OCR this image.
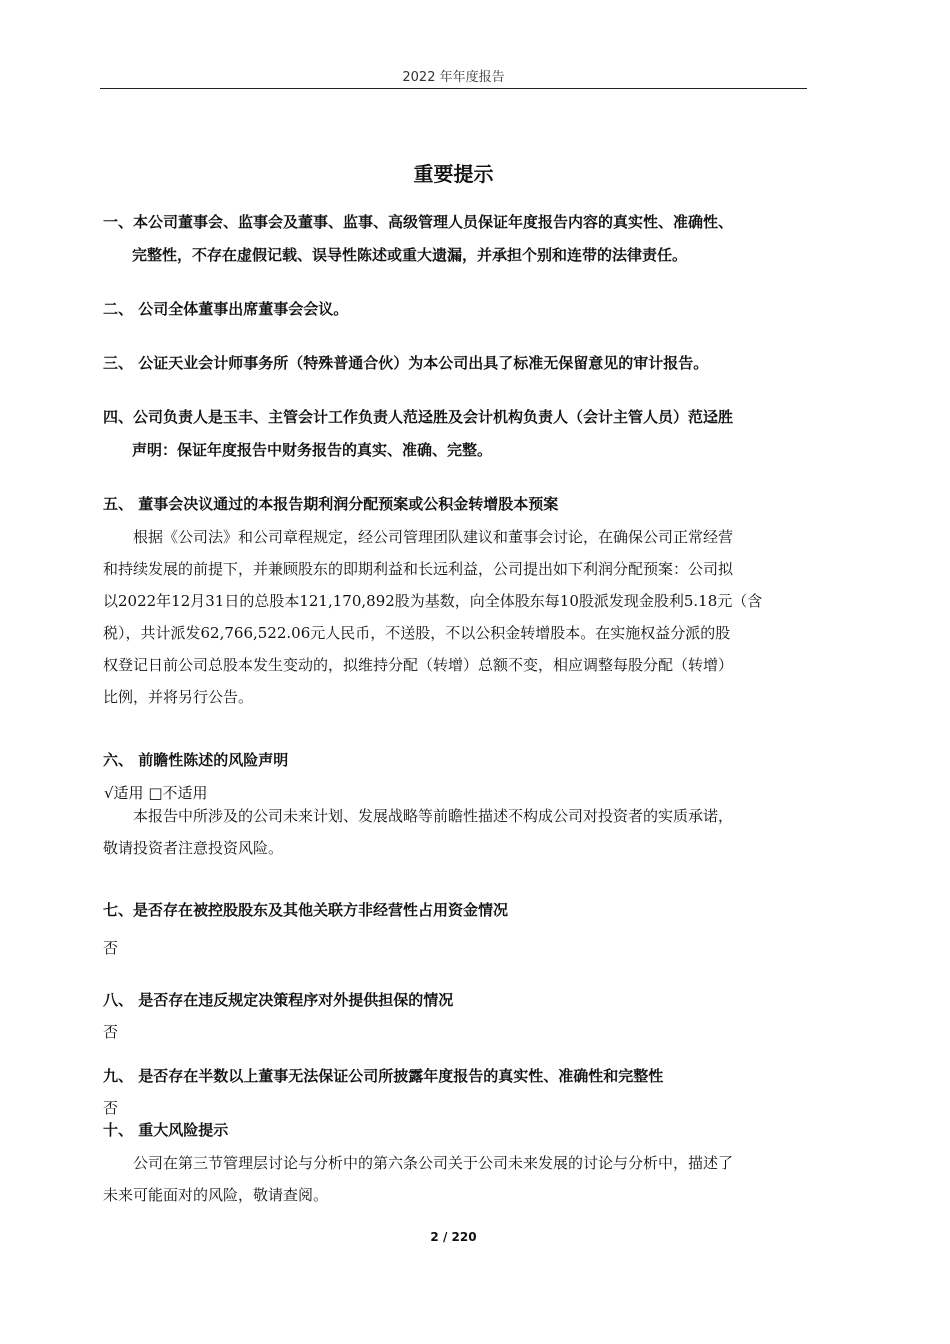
2022 年年度报告
重要提示
一、本公司董事会、监事会及董事、监事、高级管理人员保证年度报告内容的真实性、准确性、
完整性，不存在虚假记载、误导性陈述或重大遗漏，并承担个别和连带的法律责任。
二、 公司全体董事出席董事会会议。
三、 公证天业会计师事务所（特殊普通合伙）为本公司出具了标准无保留意见的审计报告。
四、公司负责人是玉丰、主管会计工作负责人范迳胜及会计机构负责人（会计主管人员）范迳胜
声明：保证年度报告中财务报告的真实、准确、完整。
五、 董事会决议通过的本报告期利润分配预案或公积金转增股本预案
根据《公司法》和公司章程规定，经公司管理团队建议和董事会讨论，在确保公司正常经营
和持续发展的前提下，并兼顾股东的即期利益和长远利益，公司提出如下利润分配预案：公司拟
以2022年12月31日的总股本121,170,892股为基数，向全体股东每10股派发现金股利5.18元（含
税），共计派发62,766,522.06元人民币，不送股，不以公积金转增股本。在实施权益分派的股
权登记日前公司总股本发生变动的，拟维持分配（转增）总额不变，相应调整每股分配（转增）
比例，并将另行公告。
六、 前瞻性陈述的风险声明
√适用 □不适用
本报告中所涉及的公司未来计划、发展战略等前瞻性描述不构成公司对投资者的实质承诺，
敬请投资者注意投资风险。
七、是否存在被控股股东及其他关联方非经营性占用资金情况
否
八、 是否存在违反规定决策程序对外提供担保的情况
否
九、 是否存在半数以上董事无法保证公司所披露年度报告的真实性、准确性和完整性
否
十、 重大风险提示
公司在第三节管理层讨论与分析中的第六条公司关于公司未来发展的讨论与分析中，描述了
未来可能面对的风险，敬请查阅。
2 / 220
